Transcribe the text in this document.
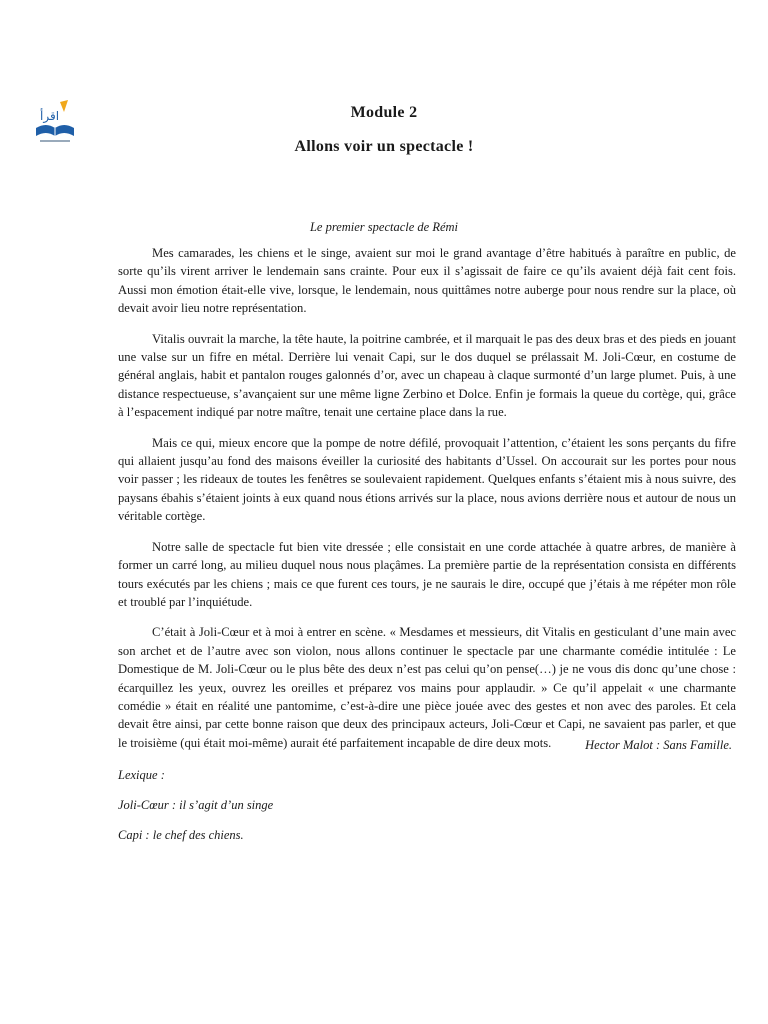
اقرأ	Module 2
Allons voir un spectacle !
Le premier spectacle de Rémi

Mes camarades, les chiens et le singe, avaient sur moi le grand avantage d’être habitués à paraître en public, de sorte qu’ils virent arriver le lendemain sans crainte. Pour eux il s’agissait de faire ce qu’ils avaient déjà fait cent fois. Aussi mon émotion était-elle vive, lorsque, le lendemain, nous quittâmes notre auberge pour nous rendre sur la place, où devait avoir lieu notre représentation.

Vitalis ouvrait la marche, la tête haute, la poitrine cambrée, et il marquait le pas des deux bras et des pieds en jouant une valse sur un fifre en métal. Derrière lui venait Capi, sur le dos duquel se prélassait M. Joli-Cœur, en costume de général anglais, habit et pantalon rouges galonnés d’or, avec un chapeau à claque surmonté d’un large plumet. Puis, à une distance respectueuse, s’avançaient sur une même ligne Zerbino et Dolce. Enfin je formais la queue du cortège, qui, grâce à l’espacement indiqué par notre maître, tenait une certaine place dans la rue.

Mais ce qui, mieux encore que la pompe de notre défilé, provoquait l’attention, c’étaient les sons perçants du fifre qui allaient jusqu’au fond des maisons éveiller la curiosité des habitants d’Ussel. On accourait sur les portes pour nous voir passer ; les rideaux de toutes les fenêtres se soulevaient rapidement. Quelques enfants s’étaient mis à nous suivre, des paysans ébahis s’étaient joints à eux quand nous étions arrivés sur la place, nous avions derrière nous et autour de nous un véritable cortège.

Notre salle de spectacle fut bien vite dressée ; elle consistait en une corde attachée à quatre arbres, de manière à former un carré long, au milieu duquel nous nous plaçâmes. La première partie de la représentation consista en différents tours exécutés par les chiens ; mais ce que furent ces tours, je ne saurais le dire, occupé que j’étais à me répéter mon rôle et troublé par l’inquiétude.

C’était à Joli-Cœur et à moi à entrer en scène. « Mesdames et messieurs, dit Vitalis en gesticulant d’une main avec son archet et de l’autre avec son violon, nous allons continuer le spectacle par une charmante comédie intitulée : Le Domestique de M. Joli-Cœur ou le plus bête des deux n’est pas celui qu’on pense(…) je ne vous dis donc qu’une chose : écarquillez les yeux, ouvrez les oreilles et préparez vos mains pour applaudir. » Ce qu’il appelait « une charmante comédie » était en réalité une pantomime, c’est-à-dire une pièce jouée avec des gestes et non avec des paroles. Et cela devait être ainsi, par cette bonne raison que deux des principaux acteurs, Joli-Cœur et Capi, ne savaient pas parler, et que le troisième (qui était moi-même) aurait été parfaitement incapable de dire deux mots.	Hector Malot : Sans Famille.
Lexique :
Joli-Cœur : il s’agit d’un singe
Capi : le chef des chiens.
